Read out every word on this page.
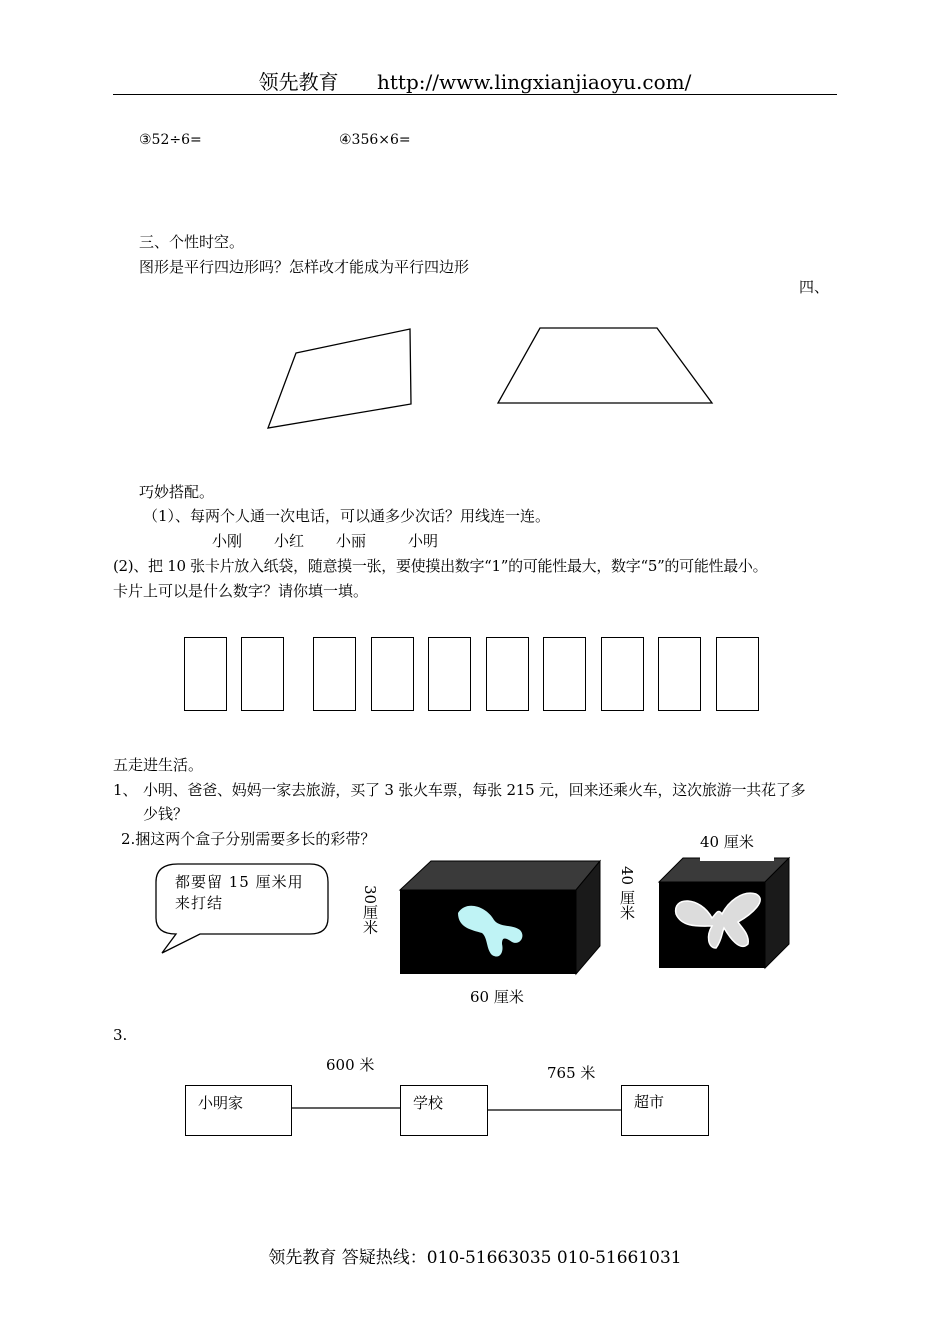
领先教育 http://www.lingxianjiaoyu.com/
③52÷6=	④356×6=
三、个性时空。
图形是平行四边形吗？怎样改才能成为平行四边形
四、
巧妙搭配。
（1）、每两个人通一次电话，可以通多少次话？用线连一连。
小刚 小红 小丽	小明
(2)、把 10 张卡片放入纸袋，随意摸一张，要使摸出数字“1”的可能性最大，数字“5”的可能性最小。
卡片上可以是什么数字？请你填一填。
五走进生活。
1、 小明、爸爸、妈妈一家去旅游，买了 3 张火车票，每张 215 元，回来还乘火车，这次旅游一共花了多
少钱？
2.捆这两个盒子分别需要多长的彩带？
都要留 15 厘米用来打结	30厘米
60 厘米
40 厘米
40 厘米
3.
600 米	765 米
小明家	学校	超市
领先教育 答疑热线：010-51663035 010-51661031
